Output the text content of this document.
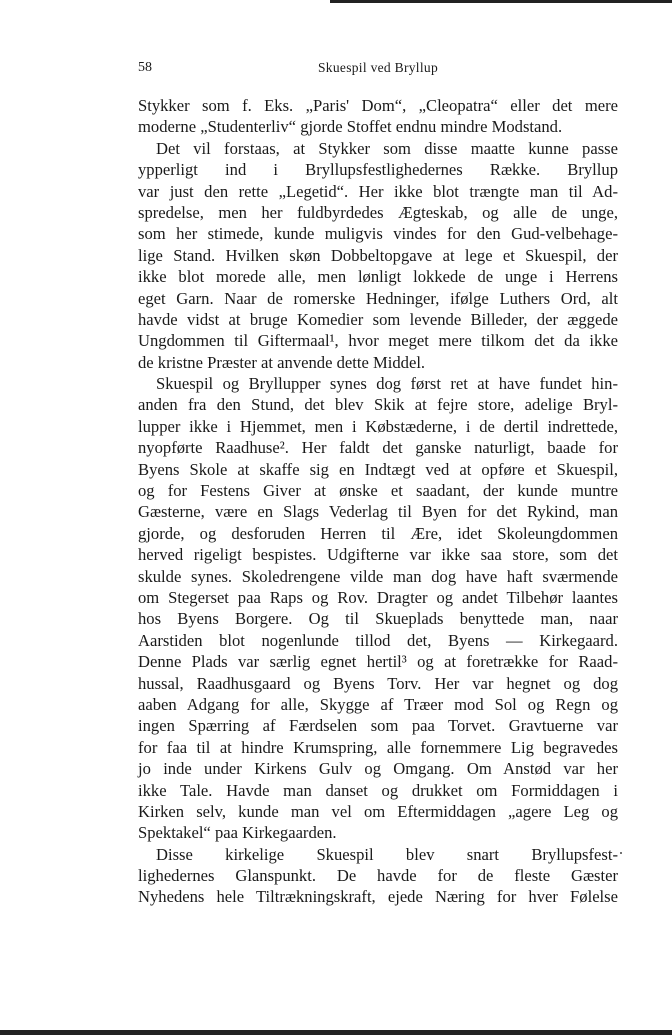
58	Skuespil ved Bryllup
Stykker som f. Eks. „Paris' Dom“, „Cleopatra“ eller det mere
moderne „Studenterliv“ gjorde Stoffet endnu mindre Modstand.
Det vil forstaas, at Stykker som disse maatte kunne passe
ypperligt ind i Bryllupsfestlighedernes Række. Bryllup
var just den rette „Legetid“. Her ikke blot trængte man til Ad-
spredelse, men her fuldbyrdedes Ægteskab, og alle de unge,
som her stimede, kunde muligvis vindes for den Gud-velbehage-
lige Stand. Hvilken skøn Dobbeltopgave at lege et Skuespil, der
ikke blot morede alle, men lønligt lokkede de unge i Herrens
eget Garn. Naar de romerske Hedninger, ifølge Luthers Ord, alt
havde vidst at bruge Komedier som levende Billeder, der æggede
Ungdommen til Giftermaal¹, hvor meget mere tilkom det da ikke
de kristne Præster at anvende dette Middel.
Skuespil og Bryllupper synes dog først ret at have fundet hin-
anden fra den Stund, det blev Skik at fejre store, adelige Bryl-
lupper ikke i Hjemmet, men i Købstæderne, i de dertil indrettede,
nyopførte Raadhuse². Her faldt det ganske naturligt, baade for
Byens Skole at skaffe sig en Indtægt ved at opføre et Skuespil,
og for Festens Giver at ønske et saadant, der kunde muntre
Gæsterne, være en Slags Vederlag til Byen for det Rykind, man
gjorde, og desforuden Herren til Ære, idet Skoleungdommen
herved rigeligt bespistes. Udgifterne var ikke saa store, som det
skulde synes. Skoledrengene vilde man dog have haft sværmende
om Stegerset paa Raps og Rov. Dragter og andet Tilbehør laantes
hos Byens Borgere. Og til Skueplads benyttede man, naar
Aarstiden blot nogenlunde tillod det, Byens — Kirkegaard.
Denne Plads var særlig egnet hertil³ og at foretrække for Raad-
hussal, Raadhusgaard og Byens Torv. Her var hegnet og dog
aaben Adgang for alle, Skygge af Træer mod Sol og Regn og
ingen Spærring af Færdselen som paa Torvet. Gravtuerne var
for faa til at hindre Krumspring, alle fornemmere Lig begravedes
jo inde under Kirkens Gulv og Omgang. Om Anstød var her
ikke Tale. Havde man danset og drukket om Formiddagen i
Kirken selv, kunde man vel om Eftermiddagen „agere Leg og
Spektakel“ paa Kirkegaarden.
Disse kirkelige Skuespil blev snart Bryllupsfest-
lighedernes Glanspunkt. De havde for de fleste Gæster
Nyhedens hele Tiltrækningskraft, ejede Næring for hver Følelse
